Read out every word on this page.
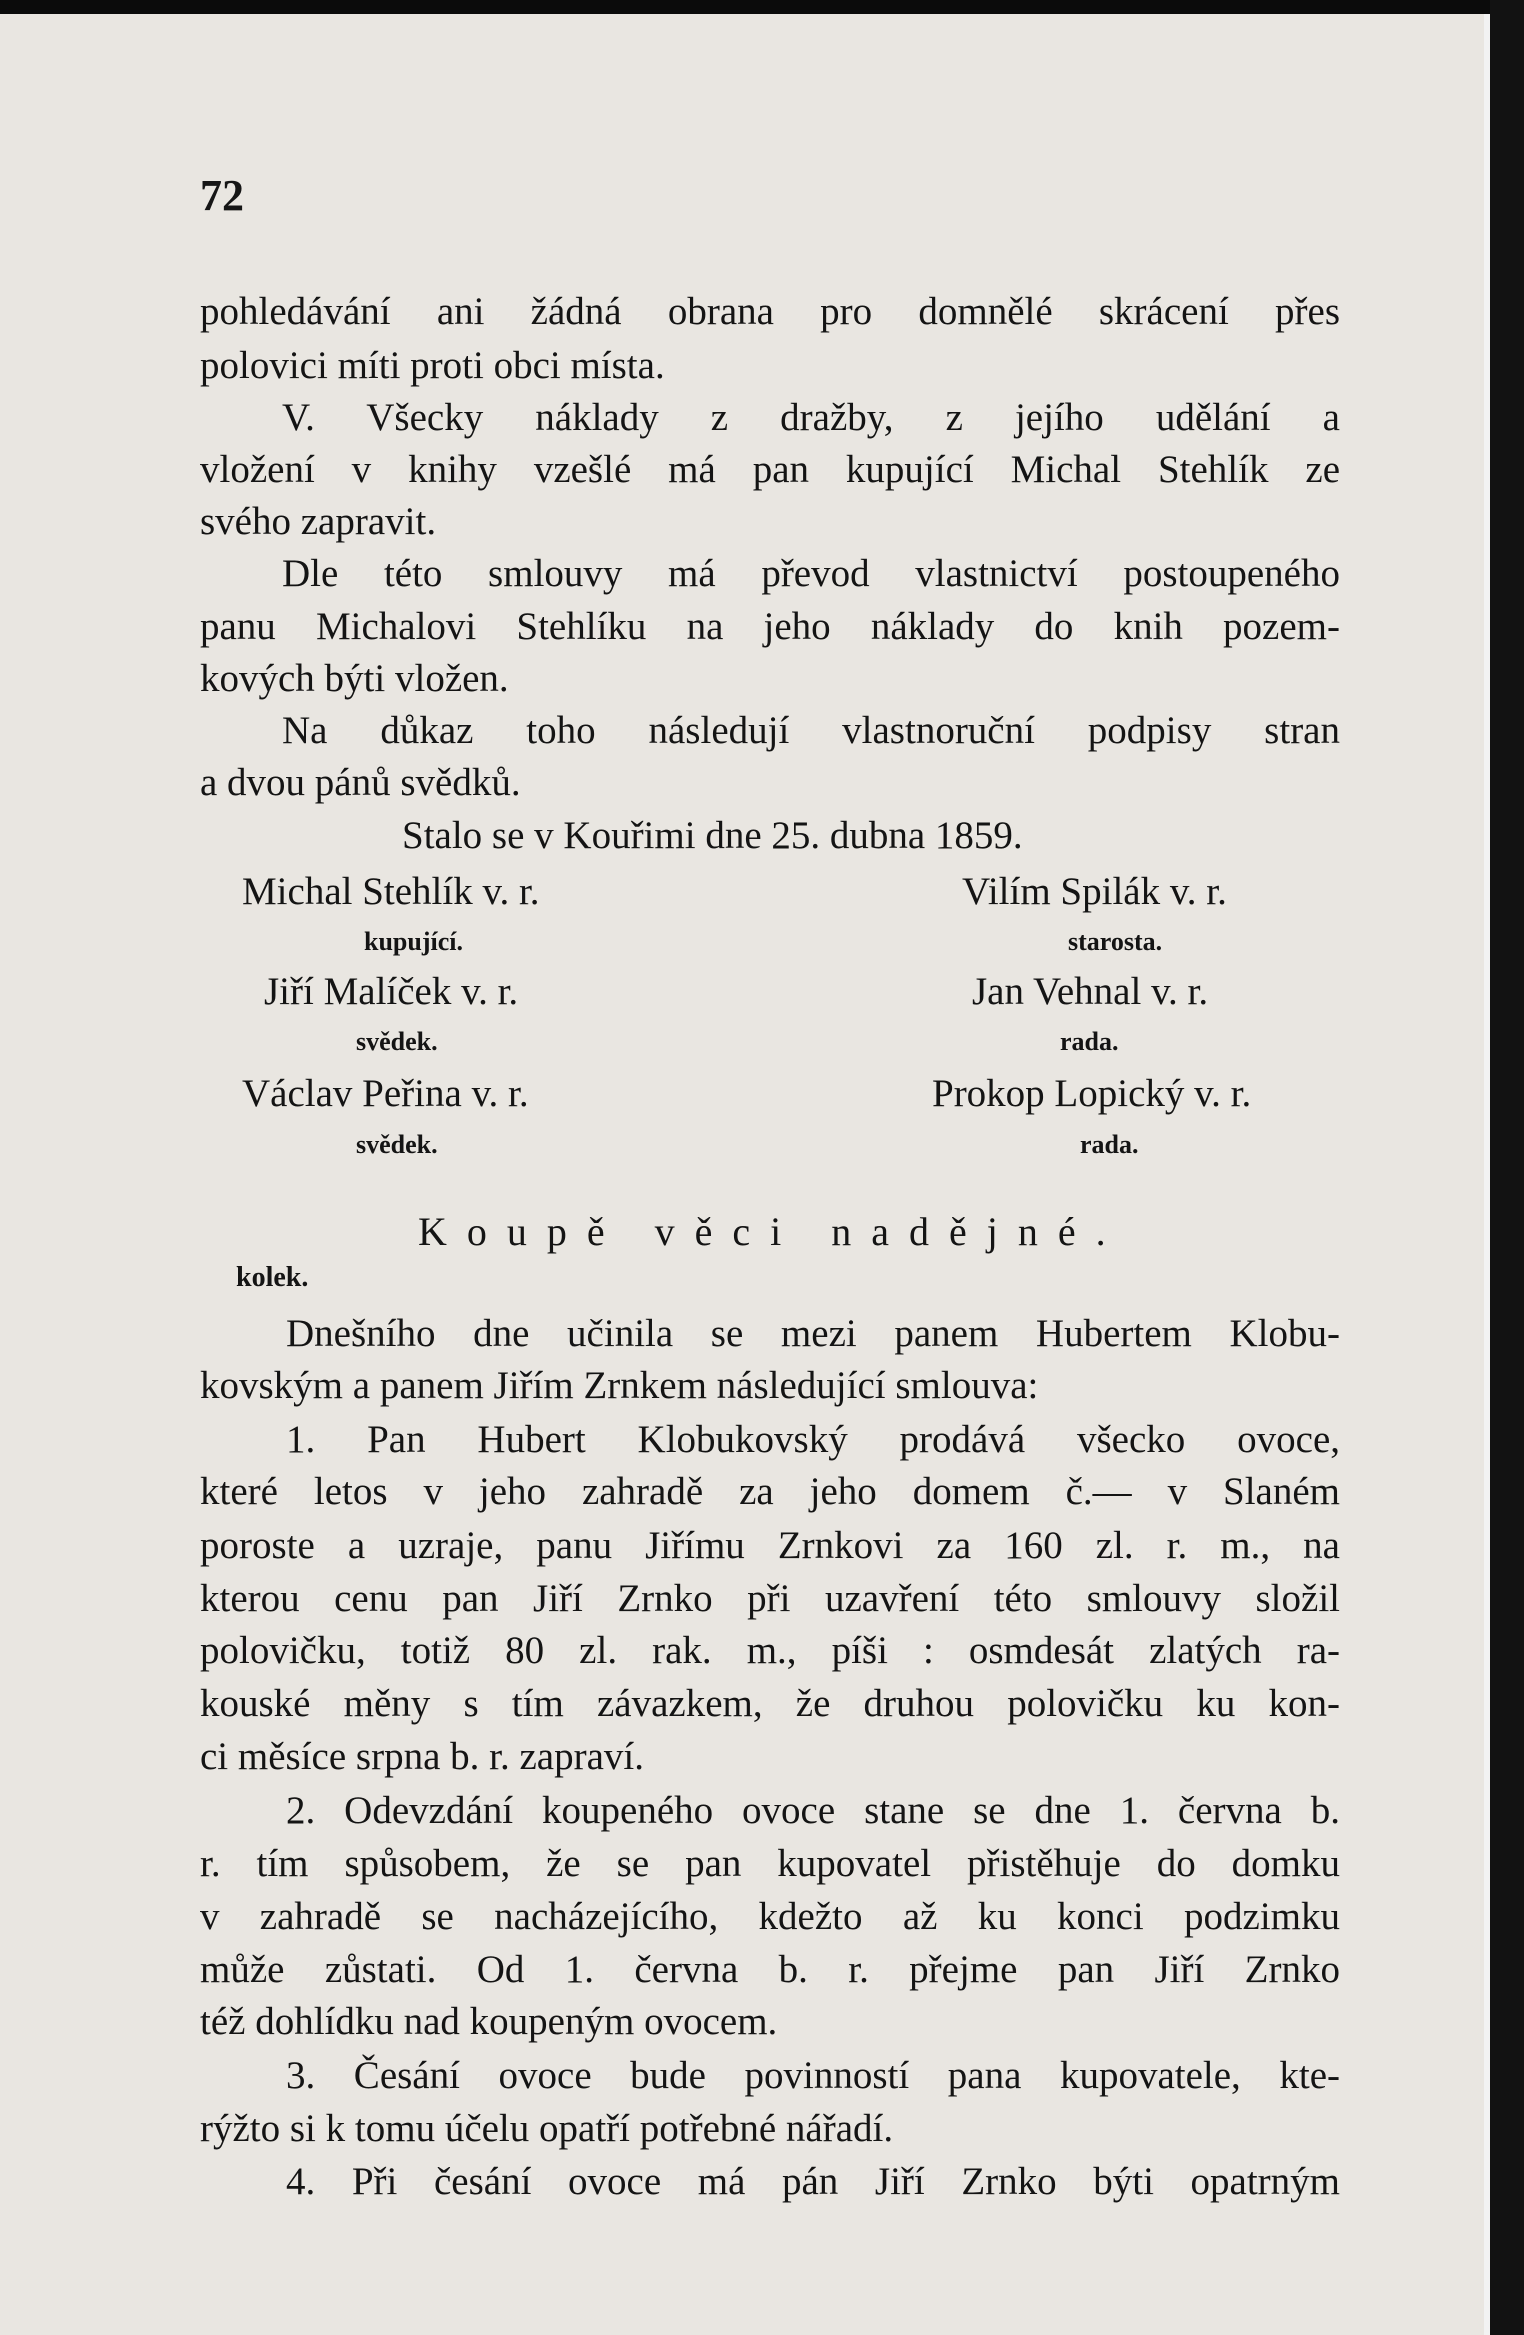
72

pohledávání ani žádná obrana pro domnělé skrácení přes

polovici míti proti obci místa.

V. Všecky náklady z dražby, z jejího udělání a

vložení v knihy vzešlé má pan kupující Michal Stehlík ze

svého zapravit.

Dle této smlouvy má převod vlastnictví postoupeného

panu Michalovi Stehlíku na jeho náklady do knih pozem-

kových býti vložen.

Na důkaz toho následují vlastnoruční podpisy stran

a dvou pánů svědků.

Stalo se v Kouřimi dne 25. dubna 1859.

Michal Stehlík v. r.

kupující.

Jiří Malíček v. r.

svědek.

Václav Peřina v. r.

svědek.

Vilím Spilák v. r.

starosta.

Jan Vehnal v. r.

rada.

Prokop Lopický v. r.

rada.

Koupě věci nadějné.

kolek.

Dnešního dne učinila se mezi panem Hubertem Klobu-

kovským a panem Jiřím Zrnkem následující smlouva:

1. Pan Hubert Klobukovský prodává všecko ovoce,

které letos v jeho zahradě za jeho domem č.— v Slaném

poroste a uzraje, panu Jiřímu Zrnkovi za 160 zl. r. m., na

kterou cenu pan Jiří Zrnko při uzavření této smlouvy složil

polovičku, totiž 80 zl. rak. m., píši : osmdesát zlatých ra-

kouské měny s tím závazkem, že druhou polovičku ku kon-

ci měsíce srpna b. r. zapraví.

2. Odevzdání koupeného ovoce stane se dne 1. června b.

r. tím spůsobem, že se pan kupovatel přistěhuje do domku

v zahradě se nacházejícího, kdežto až ku konci podzimku

může zůstati. Od 1. června b. r. přejme pan Jiří Zrnko

též dohlídku nad koupeným ovocem.

3. Česání ovoce bude povinností pana kupovatele, kte-

rýžto si k tomu účelu opatří potřebné nářadí.

4. Při česání ovoce má pán Jiří Zrnko býti opatrným
